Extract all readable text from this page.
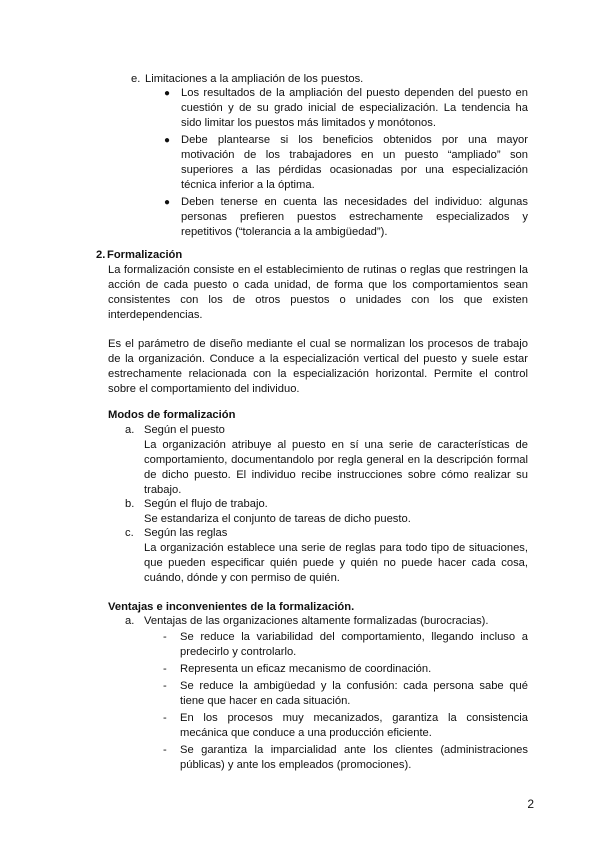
e. Limitaciones a la ampliación de los puestos.
● Los resultados de la ampliación del puesto dependen del puesto en cuestión y de su grado inicial de especialización. La tendencia ha sido limitar los puestos más limitados y monótonos.
● Debe plantearse si los beneficios obtenidos por una mayor motivación de los trabajadores en un puesto “ampliado” son superiores a las pérdidas ocasionadas por una especialización técnica inferior a la óptima.
● Deben tenerse en cuenta las necesidades del individuo: algunas personas prefieren puestos estrechamente especializados y repetitivos (“tolerancia a la ambigüedad”).
2. Formalización
La formalización consiste en el establecimiento de rutinas o reglas que restringen la acción de cada puesto o cada unidad, de forma que los comportamientos sean consistentes con los de otros puestos o unidades con los que existen interdependencias.
Es el parámetro de diseño mediante el cual se normalizan los procesos de trabajo de la organización. Conduce a la especialización vertical del puesto y suele estar estrechamente relacionada con la especialización horizontal. Permite el control sobre el comportamiento del individuo.
Modos de formalización
a. Según el puesto
La organización atribuye al puesto en sí una serie de características de comportamiento, documentandolo por regla general en la descripción formal de dicho puesto. El individuo recibe instrucciones sobre cómo realizar su trabajo.
b. Según el flujo de trabajo.
Se estandariza el conjunto de tareas de dicho puesto.
c. Según las reglas
La organización establece una serie de reglas para todo tipo de situaciones, que pueden especificar quién puede y quién no puede hacer cada cosa, cuándo, dónde y con permiso de quién.
Ventajas e inconvenientes de la formalización.
a. Ventajas de las organizaciones altamente formalizadas (burocracias).
- Se reduce la variabilidad del comportamiento, llegando incluso a predecirlo y controlarlo.
- Representa un eficaz mecanismo de coordinación.
- Se reduce la ambigüedad y la confusión: cada persona sabe qué tiene que hacer en cada situación.
- En los procesos muy mecanizados, garantiza la consistencia mecánica que conduce a una producción eficiente.
- Se garantiza la imparcialidad ante los clientes (administraciones públicas) y ante los empleados (promociones).
2
